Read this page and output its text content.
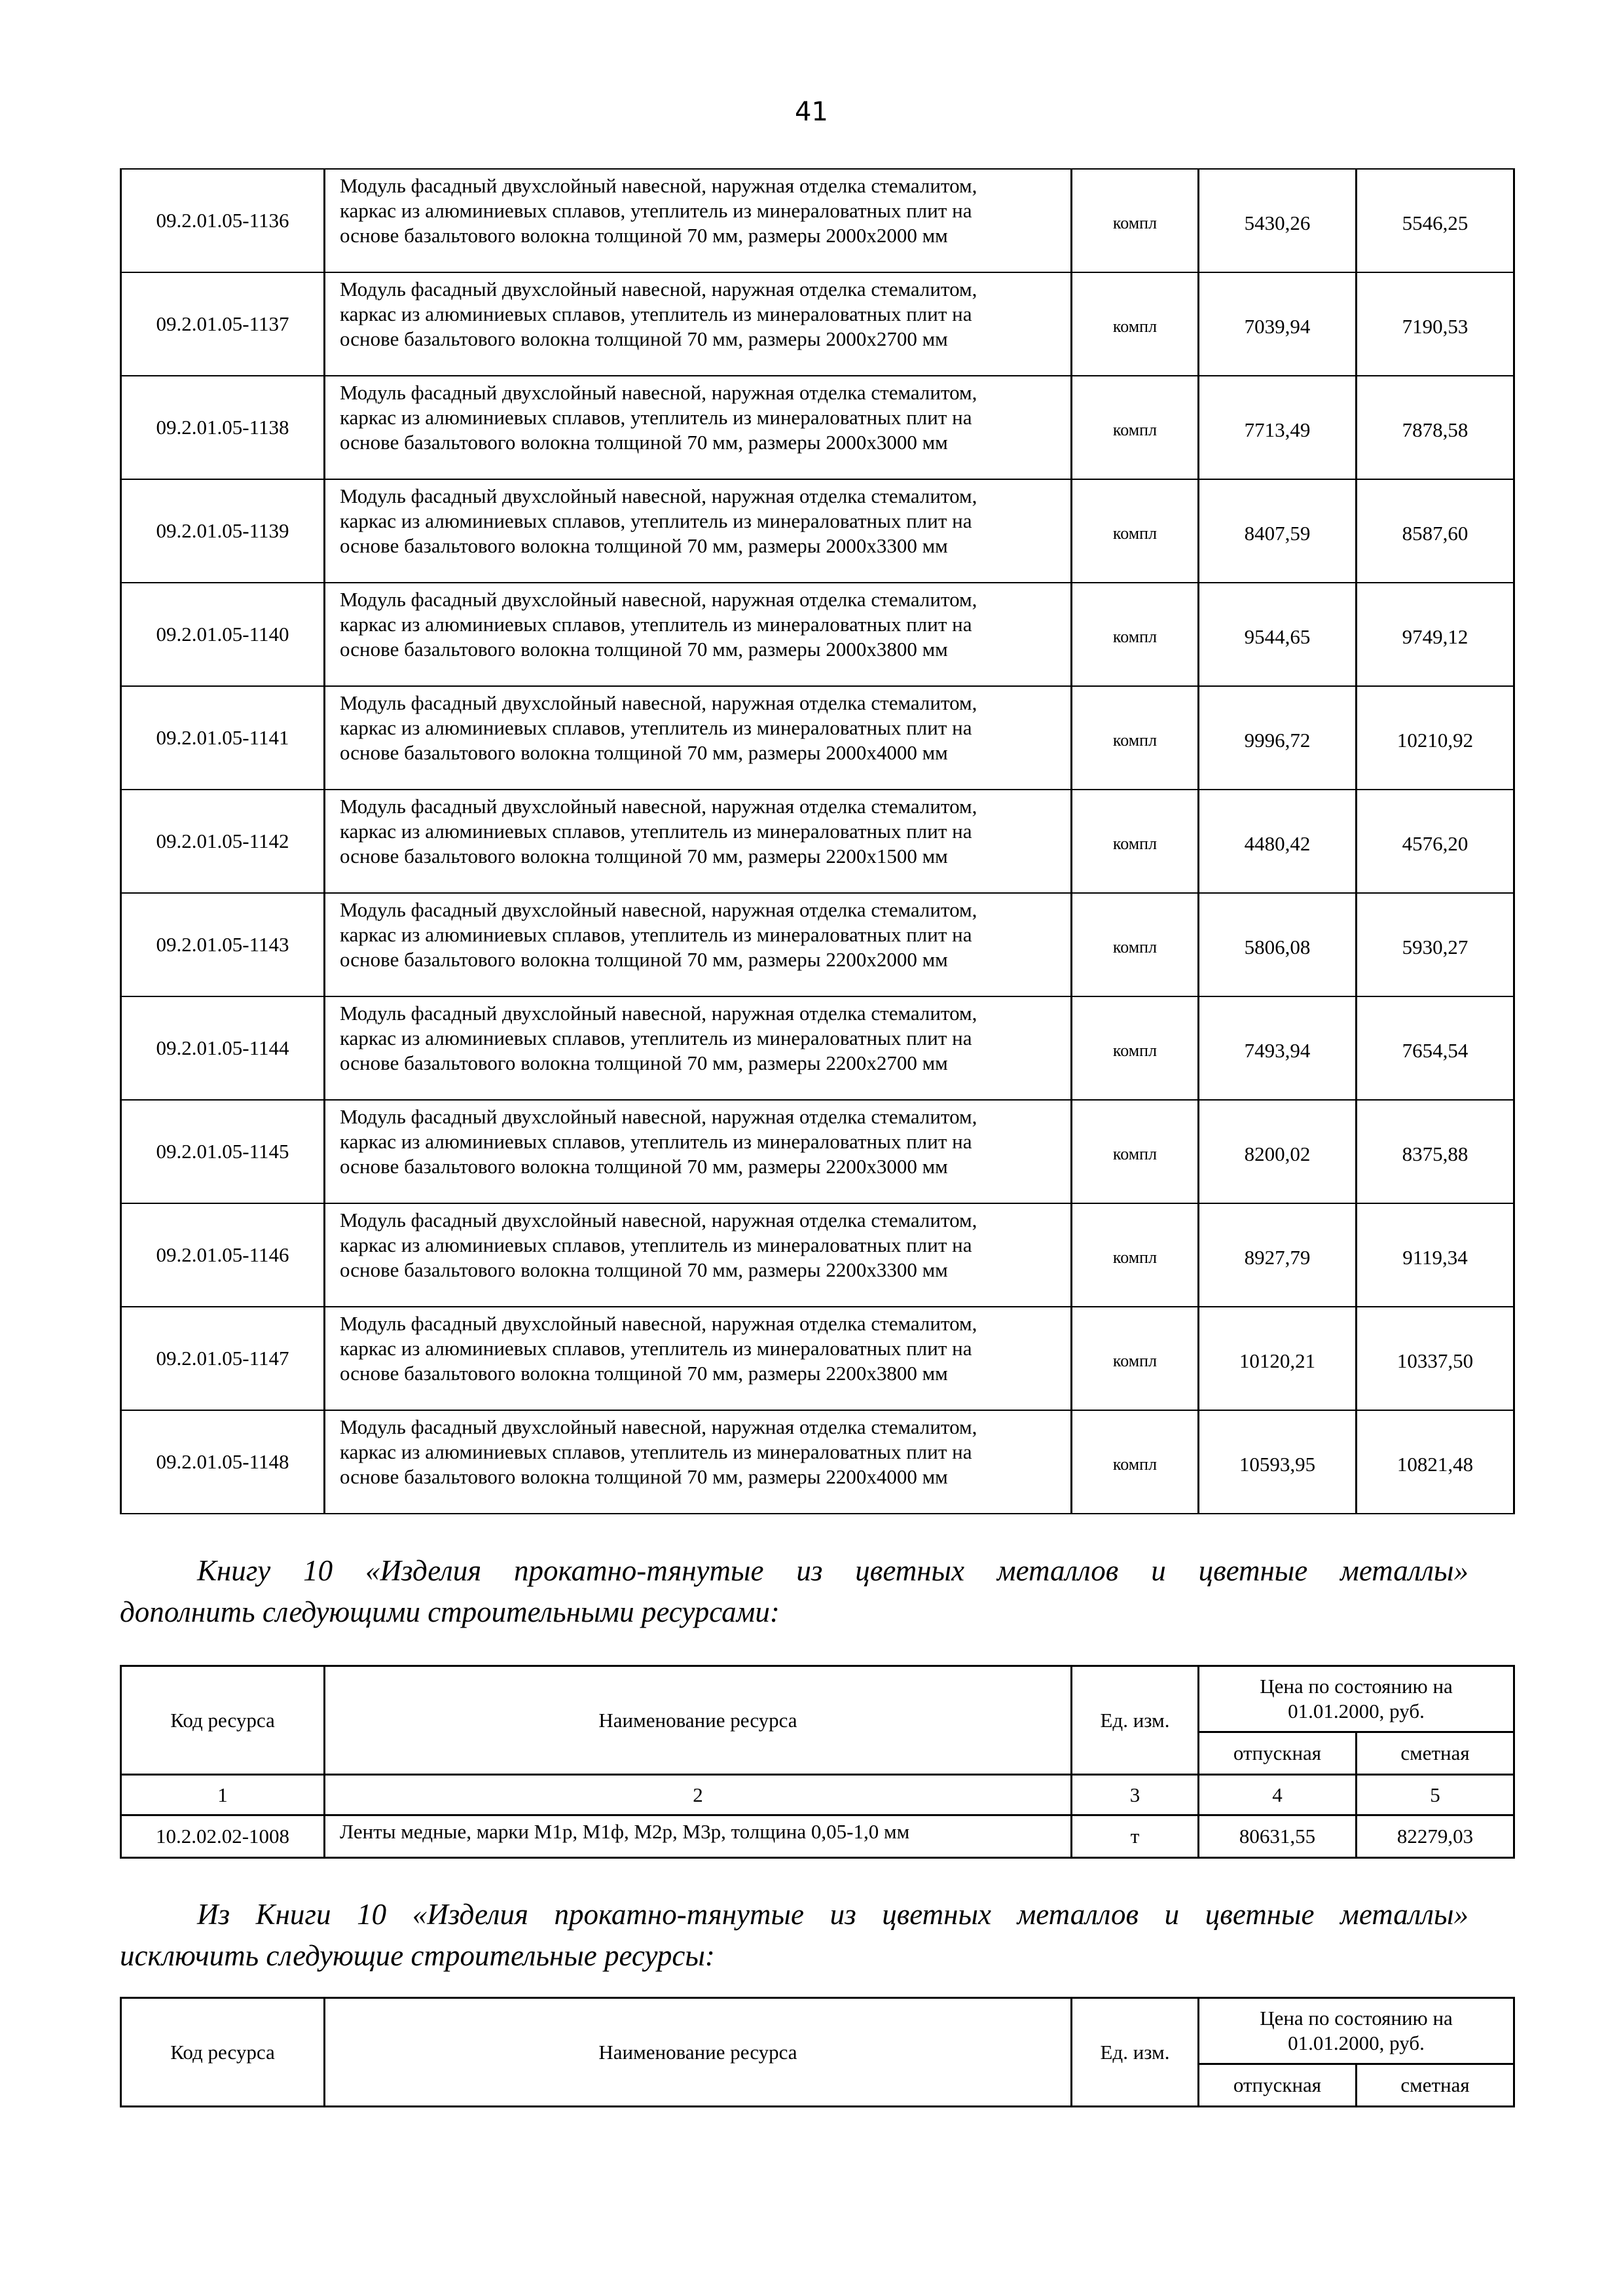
41
09.2.01.05-1136	Модуль фасадный двухслойный навесной, наружная отделка стемалитом,
каркас из алюминиевых сплавов, утеплитель из минераловатных плит на
основе базальтового волокна толщиной 70 мм, размеры 2000х2000 мм	компл	5430,26	5546,25
09.2.01.05-1137	Модуль фасадный двухслойный навесной, наружная отделка стемалитом,
каркас из алюминиевых сплавов, утеплитель из минераловатных плит на
основе базальтового волокна толщиной 70 мм, размеры 2000х2700 мм	компл	7039,94	7190,53
09.2.01.05-1138	Модуль фасадный двухслойный навесной, наружная отделка стемалитом,
каркас из алюминиевых сплавов, утеплитель из минераловатных плит на
основе базальтового волокна толщиной 70 мм, размеры 2000х3000 мм	компл	7713,49	7878,58
09.2.01.05-1139	Модуль фасадный двухслойный навесной, наружная отделка стемалитом,
каркас из алюминиевых сплавов, утеплитель из минераловатных плит на
основе базальтового волокна толщиной 70 мм, размеры 2000х3300 мм	компл	8407,59	8587,60
09.2.01.05-1140	Модуль фасадный двухслойный навесной, наружная отделка стемалитом,
каркас из алюминиевых сплавов, утеплитель из минераловатных плит на
основе базальтового волокна толщиной 70 мм, размеры 2000х3800 мм	компл	9544,65	9749,12
09.2.01.05-1141	Модуль фасадный двухслойный навесной, наружная отделка стемалитом,
каркас из алюминиевых сплавов, утеплитель из минераловатных плит на
основе базальтового волокна толщиной 70 мм, размеры 2000х4000 мм	компл	9996,72	10210,92
09.2.01.05-1142	Модуль фасадный двухслойный навесной, наружная отделка стемалитом,
каркас из алюминиевых сплавов, утеплитель из минераловатных плит на
основе базальтового волокна толщиной 70 мм, размеры 2200х1500 мм	компл	4480,42	4576,20
09.2.01.05-1143	Модуль фасадный двухслойный навесной, наружная отделка стемалитом,
каркас из алюминиевых сплавов, утеплитель из минераловатных плит на
основе базальтового волокна толщиной 70 мм, размеры 2200х2000 мм	компл	5806,08	5930,27
09.2.01.05-1144	Модуль фасадный двухслойный навесной, наружная отделка стемалитом,
каркас из алюминиевых сплавов, утеплитель из минераловатных плит на
основе базальтового волокна толщиной 70 мм, размеры 2200х2700 мм	компл	7493,94	7654,54
09.2.01.05-1145	Модуль фасадный двухслойный навесной, наружная отделка стемалитом,
каркас из алюминиевых сплавов, утеплитель из минераловатных плит на
основе базальтового волокна толщиной 70 мм, размеры 2200х3000 мм	компл	8200,02	8375,88
09.2.01.05-1146	Модуль фасадный двухслойный навесной, наружная отделка стемалитом,
каркас из алюминиевых сплавов, утеплитель из минераловатных плит на
основе базальтового волокна толщиной 70 мм, размеры 2200х3300 мм	компл	8927,79	9119,34
09.2.01.05-1147	Модуль фасадный двухслойный навесной, наружная отделка стемалитом,
каркас из алюминиевых сплавов, утеплитель из минераловатных плит на
основе базальтового волокна толщиной 70 мм, размеры 2200х3800 мм	компл	10120,21	10337,50
09.2.01.05-1148	Модуль фасадный двухслойный навесной, наружная отделка стемалитом,
каркас из алюминиевых сплавов, утеплитель из минераловатных плит на
основе базальтового волокна толщиной 70 мм, размеры 2200х4000 мм	компл	10593,95	10821,48
Книгу 10 «Изделия прокатно-тянутые из цветных металлов и цветные металлы»
дополнить следующими строительными ресурсами:
Код ресурса	Наименование ресурса	Ед. изм.	Цена по состоянию на 01.01.2000, руб.	
			отпускная	сметная
1	2	3	4	5
10.2.02.02-1008	Ленты медные, марки М1р, М1ф, М2р, М3р, толщина 0,05-1,0 мм	т	80631,55	82279,03
Из Книги 10 «Изделия прокатно-тянутые из цветных металлов и цветные металлы»
исключить следующие строительные ресурсы:
Код ресурса	Наименование ресурса	Ед. изм.	Цена по состоянию на 01.01.2000, руб.	
			отпускная	сметная
